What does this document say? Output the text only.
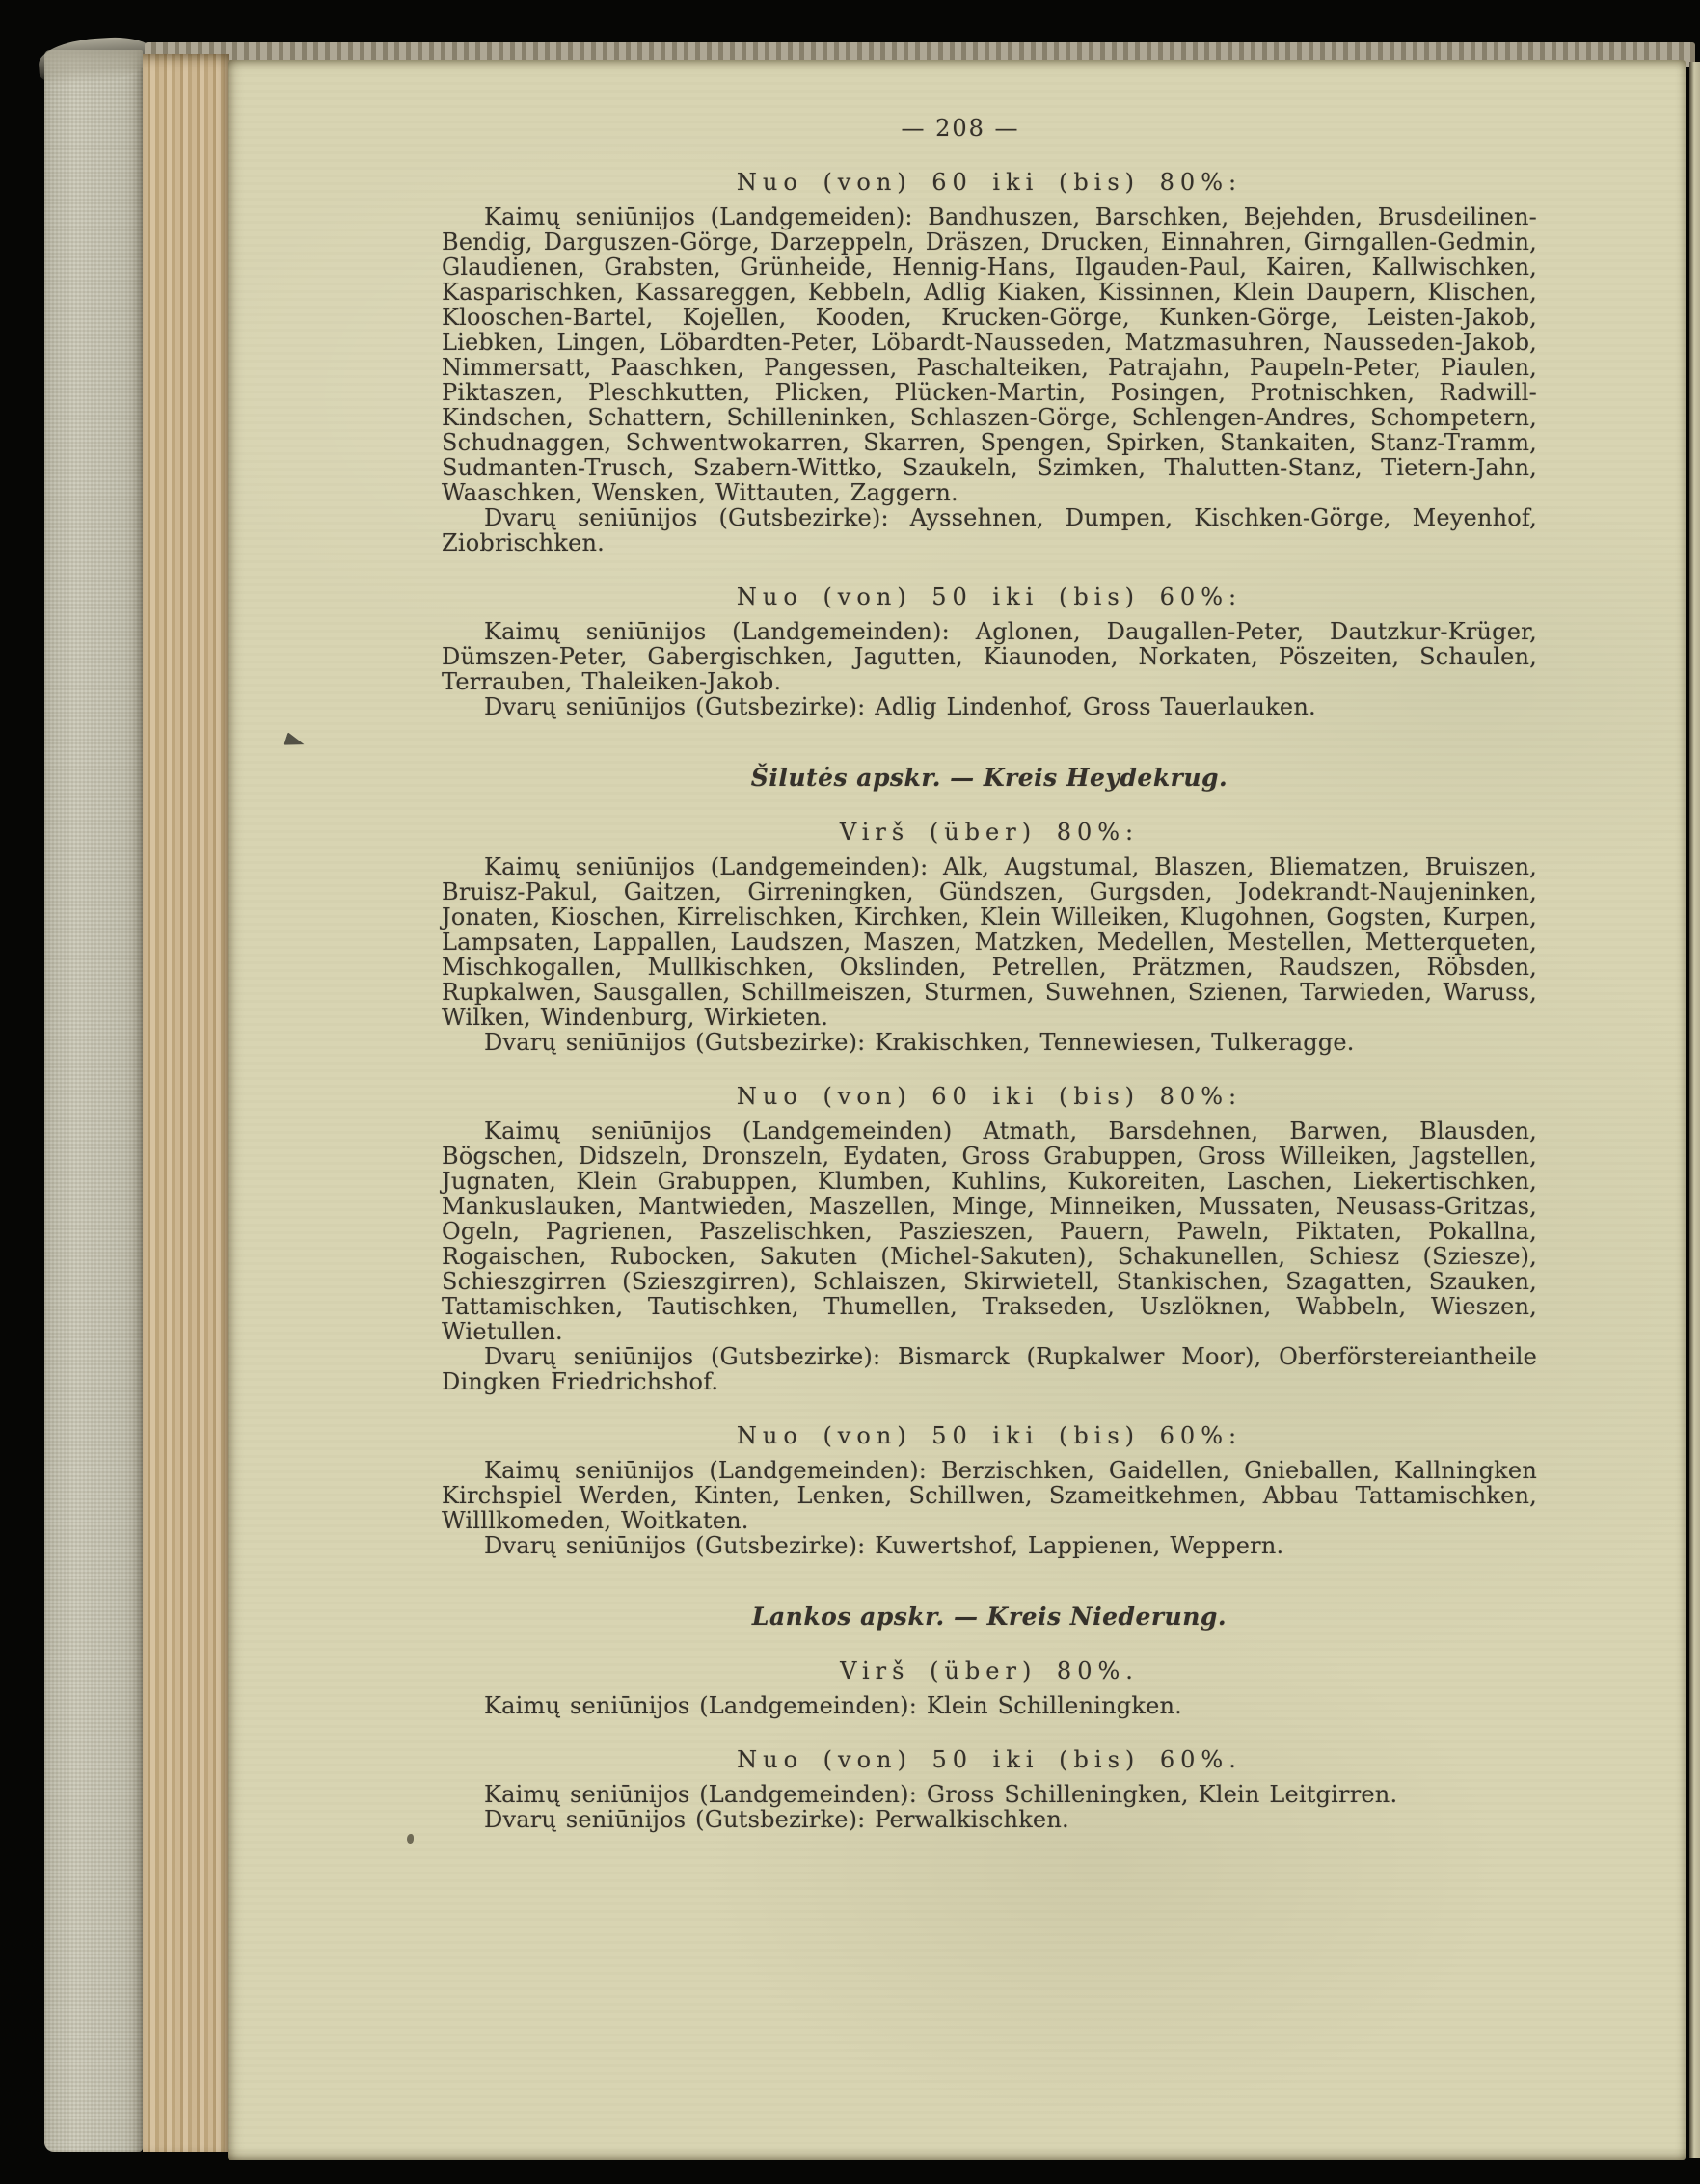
— 208 —
Nuo (von) 60 iki (bis) 80%:

Kaimų seniūnijos (Landgemeiden): Bandhuszen, Barschken, Bejehden, Brusdeilinen-Bendig, Darguszen-Görge, Darzeppeln, Dräszen, Drucken, Einnahren, Girngallen-Gedmin, Glaudienen, Grabsten, Grünheide, Hennig-Hans, Ilgauden-Paul, Kairen, Kallwischken, Kasparischken, Kassareggen, Kebbeln, Adlig Kiaken, Kissinnen, Klein Daupern, Klischen, Klooschen-Bartel, Kojellen, Kooden, Krucken-Görge, Kunken-Görge, Leisten-Jakob, Liebken, Lingen, Löbardten-Peter, Löbardt-Nausseden, Matzmasuhren, Nausseden-Jakob, Nimmersatt, Paaschken, Pangessen, Paschalteiken, Patrajahn, Paupeln-Peter, Piaulen, Piktaszen, Pleschkutten, Plicken, Plücken-Martin, Posingen, Protnischken, Radwill-Kindschen, Schattern, Schilleninken, Schlaszen-Görge, Schlengen-Andres, Schompetern, Schudnaggen, Schwentwokarren, Skarren, Spengen, Spirken, Stankaiten, Stanz-Tramm, Sudmanten-Trusch, Szabern-Wittko, Szaukeln, Szimken, Thalutten-Stanz, Tietern-Jahn, Waaschken, Wensken, Wittauten, Zaggern.

Dvarų seniūnijos (Gutsbezirke): Ayssehnen, Dumpen, Kischken-Görge, Meyenhof, Ziobrischken.

Nuo (von) 50 iki (bis) 60%:

Kaimų seniūnijos (Landgemeinden): Aglonen, Daugallen-Peter, Dautzkur-Krüger, Dümszen-Peter, Gabergischken, Jagutten, Kiaunoden, Norkaten, Pöszeiten, Schaulen, Terrauben, Thaleiken-Jakob.

Dvarų seniūnijos (Gutsbezirke): Adlig Lindenhof, Gross Tauerlauken.

Šilutės apskr. — Kreis Heydekrug.
Virš (über) 80%:

Kaimų seniūnijos (Landgemeinden): Alk, Augstumal, Blaszen, Bliematzen, Bruiszen, Bruisz-Pakul, Gaitzen, Girreningken, Gündszen, Gurgsden, Jodekrandt-Naujeninken, Jonaten, Kioschen, Kirrelischken, Kirchken, Klein Willeiken, Klugohnen, Gogsten, Kurpen, Lampsaten, Lappallen, Laudszen, Maszen, Matzken, Medellen, Mestellen, Metterqueten, Mischkogallen, Mullkischken, Okslinden, Petrellen, Prätzmen, Raudszen, Röbsden, Rupkalwen, Sausgallen, Schillmeiszen, Sturmen, Suwehnen, Szienen, Tarwieden, Waruss, Wilken, Windenburg, Wirkieten.

Dvarų seniūnijos (Gutsbezirke): Krakischken, Tennewiesen, Tulkeragge.

Nuo (von) 60 iki (bis) 80%:

Kaimų seniūnijos (Landgemeinden) Atmath, Barsdehnen, Barwen, Blausden, Bögschen, Didszeln, Dronszeln, Eydaten, Gross Grabuppen, Gross Willeiken, Jagstellen, Jugnaten, Klein Grabuppen, Klumben, Kuhlins, Kukoreiten, Laschen, Liekertischken, Mankuslauken, Mantwieden, Maszellen, Minge, Minneiken, Mussaten, Neusass-Gritzas, Ogeln, Pagrienen, Paszelischken, Paszieszen, Pauern, Paweln, Piktaten, Pokallna, Rogaischen, Rubocken, Sakuten (Michel-Sakuten), Schakunellen, Schiesz (Sziesze), Schieszgirren (Szieszgirren), Schlaiszen, Skirwietell, Stankischen, Szagatten, Szauken, Tattamischken, Tautischken, Thumellen, Trakseden, Uszlöknen, Wabbeln, Wieszen, Wietullen.

Dvarų seniūnijos (Gutsbezirke): Bismarck (Rupkalwer Moor), Oberförstereiantheile Dingken Friedrichshof.

Nuo (von) 50 iki (bis) 60%:

Kaimų seniūnijos (Landgemeinden): Berzischken, Gaidellen, Gnieballen, Kallningken Kirchspiel Werden, Kinten, Lenken, Schillwen, Szameitkehmen, Abbau Tattamischken, Willlkomeden, Woitkaten.

Dvarų seniūnijos (Gutsbezirke): Kuwertshof, Lappienen, Weppern.

Lankos apskr. — Kreis Niederung.
Virš (über) 80%.

Kaimų seniūnijos (Landgemeinden): Klein Schilleningken.

Nuo (von) 50 iki (bis) 60%.

Kaimų seniūnijos (Landgemeinden): Gross Schilleningken, Klein Leitgirren.

Dvarų seniūnijos (Gutsbezirke): Perwalkischken.
